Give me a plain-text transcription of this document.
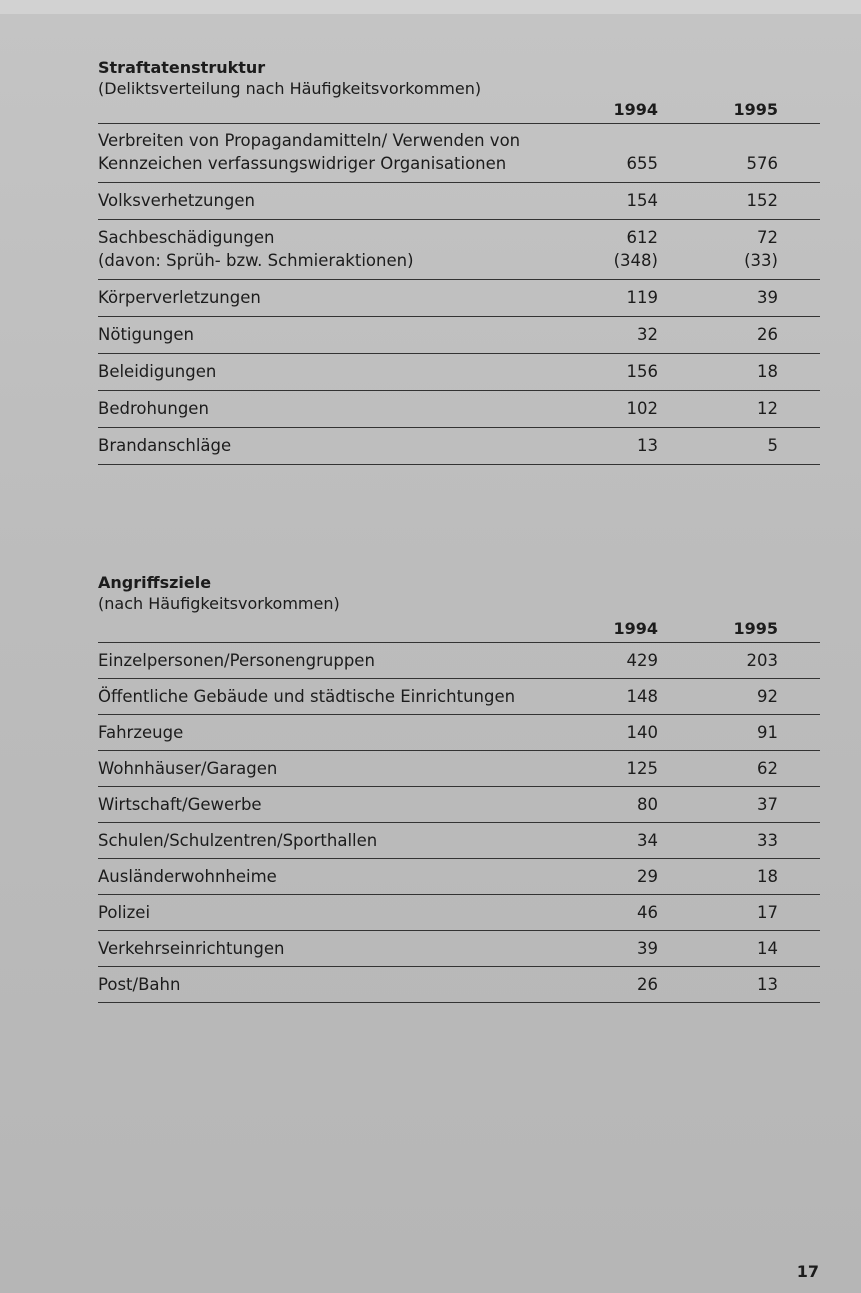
Straftatenstruktur
(Deliktsverteilung nach Häufigkeitsvorkommen)
1994	1995
Verbreiten von Propagandamitteln/ Verwenden von
Kennzeichen verfassungswidriger Organisationen	655	576
Volksverhetzungen	154	152
Sachbeschädigungen	612	72
(davon: Sprüh- bzw. Schmieraktionen)	(348)	(33)
Körperverletzungen	119	39
Nötigungen	32	26
Beleidigungen	156	18
Bedrohungen	102	12
Brandanschläge	13	5
Angriffsziele
(nach Häufigkeitsvorkommen)
1994	1995
Einzelpersonen/Personengruppen	429	203
Öffentliche Gebäude und städtische Einrichtungen	148	92
Fahrzeuge	140	91
Wohnhäuser/Garagen	125	62
Wirtschaft/Gewerbe	80	37
Schulen/Schulzentren/Sporthallen	34	33
Ausländerwohnheime	29	18
Polizei	46	17
Verkehrseinrichtungen	39	14
Post/Bahn	26	13
17
